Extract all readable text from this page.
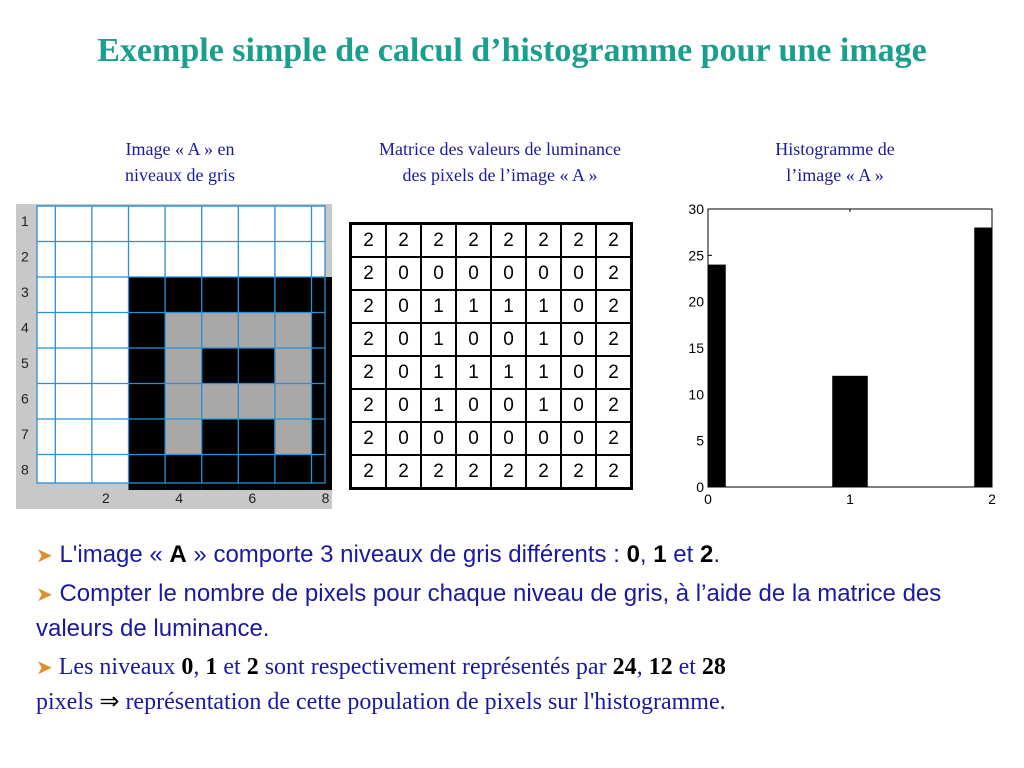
Exemple simple de calcul d’histogramme pour une image
Image « A » en
niveaux de gris
Matrice des valeurs de luminance
des pixels de l’image « A »
Histogramme de
l’image « A »
1
2
3
4
5
6
7
8
2	4	6	8
2	2	2	2	2	2	2	2
2	0	0	0	0	0	0	2
2	0	1	1	1	1	0	2
2	0	1	0	0	1	0	2
2	0	1	1	1	1	0	2
2	0	1	0	0	1	0	2
2	0	0	0	0	0	0	2
2	2	2	2	2	2	2	2
0
5
10
15
20
25
30
0	1	2
➤ L'image « A » comporte 3 niveaux de gris différents : 0, 1 et 2.
➤ Compter le nombre de pixels pour chaque niveau de gris, à l’aide de la matrice des valeurs de luminance.
➤ Les niveaux 0, 1 et 2 sont respectivement représentés par 24, 12 et 28
pixels ⇒ représentation de cette population de pixels sur l'histogramme.
